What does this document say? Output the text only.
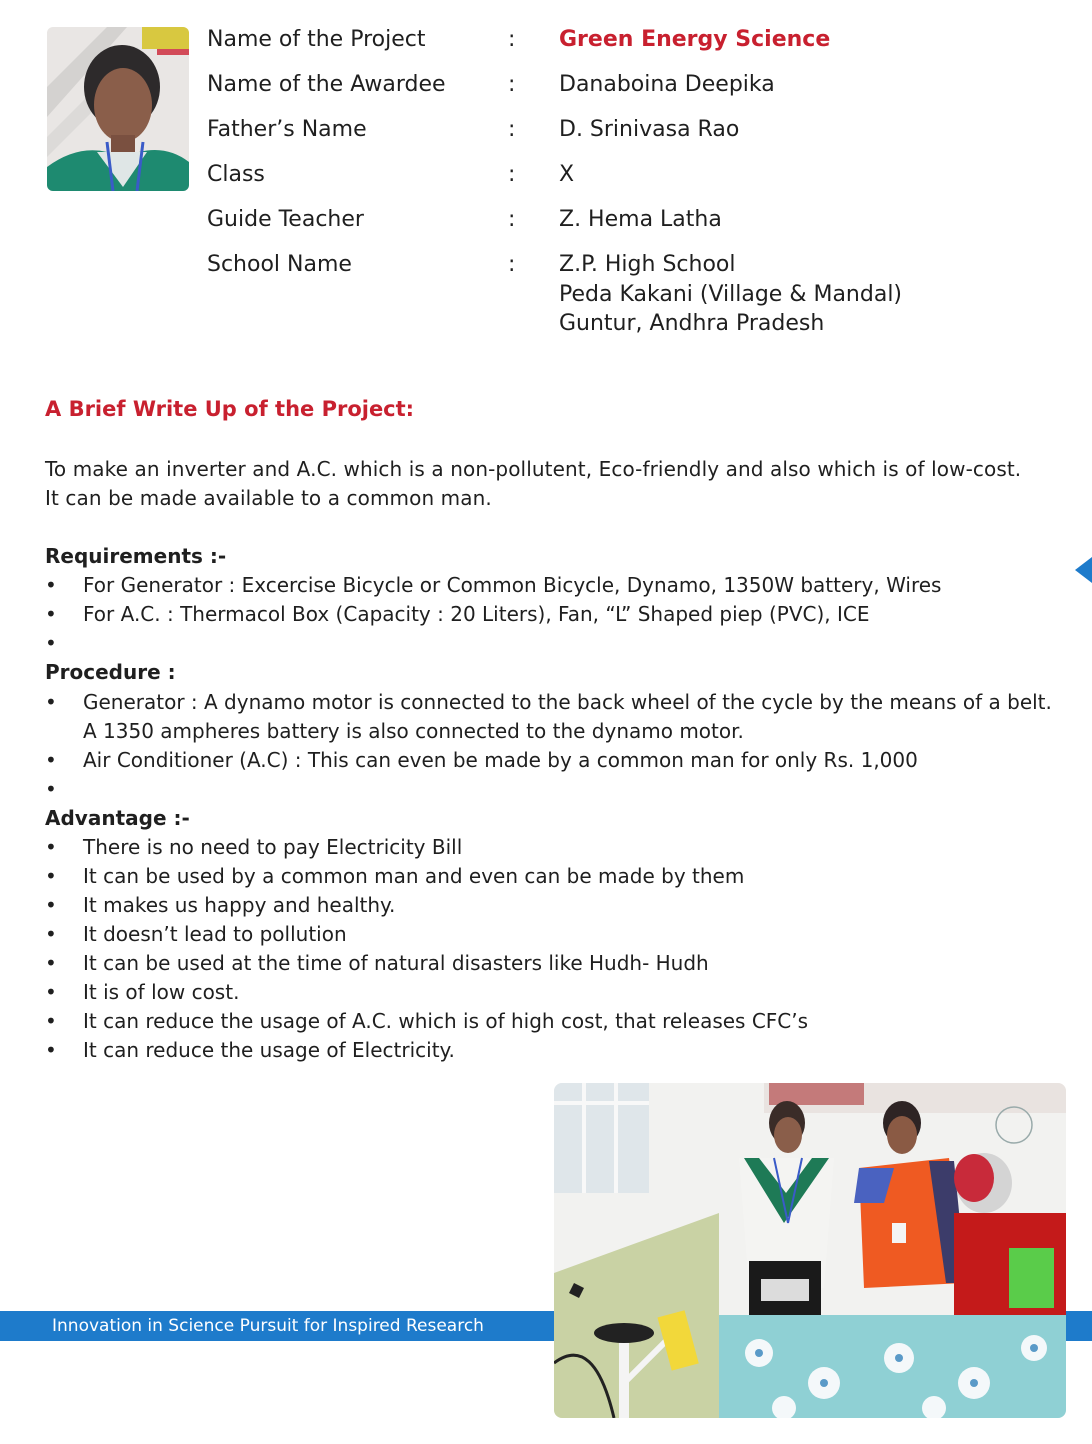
Name of the Project	: Green Energy Science
Name of the Awardee	: Danaboina Deepika
Father’s Name	: D. Srinivasa Rao
Class	: X
Guide Teacher	: Z. Hema Latha
School Name	: Z.P. High School
Peda Kakani (Village & Mandal)
Guntur, Andhra Pradesh
A Brief Write Up of the Project:
To make an inverter and A.C. which is a non-pollutent, Eco-friendly and also which is of low-cost.
It can be made available to a common man.
Requirements :-
•	For Generator : Excercise Bicycle or Common Bicycle, Dynamo, 1350W battery, Wires
•	For A.C. : Thermacol Box (Capacity : 20 Liters), Fan, “L” Shaped piep (PVC), ICE
•
Procedure :
•	Generator : A dynamo motor is connected to the back wheel of the cycle by the means of a belt.
A 1350 ampheres battery is also connected to the dynamo motor.
•	Air Conditioner (A.C) : This can even be made by a common man for only Rs. 1,000
•
Advantage :-
•	There is no need to pay Electricity Bill
•	It can be used by a common man and even can be made by them
•	It makes us happy and healthy.
•	It doesn’t lead to pollution
•	It can be used at the time of natural disasters like Hudh- Hudh
•	It is of low cost.
•	It can reduce the usage of A.C. which is of high cost, that releases CFC’s
•	It can reduce the usage of Electricity.
Innovation in Science Pursuit for Inspired Research
